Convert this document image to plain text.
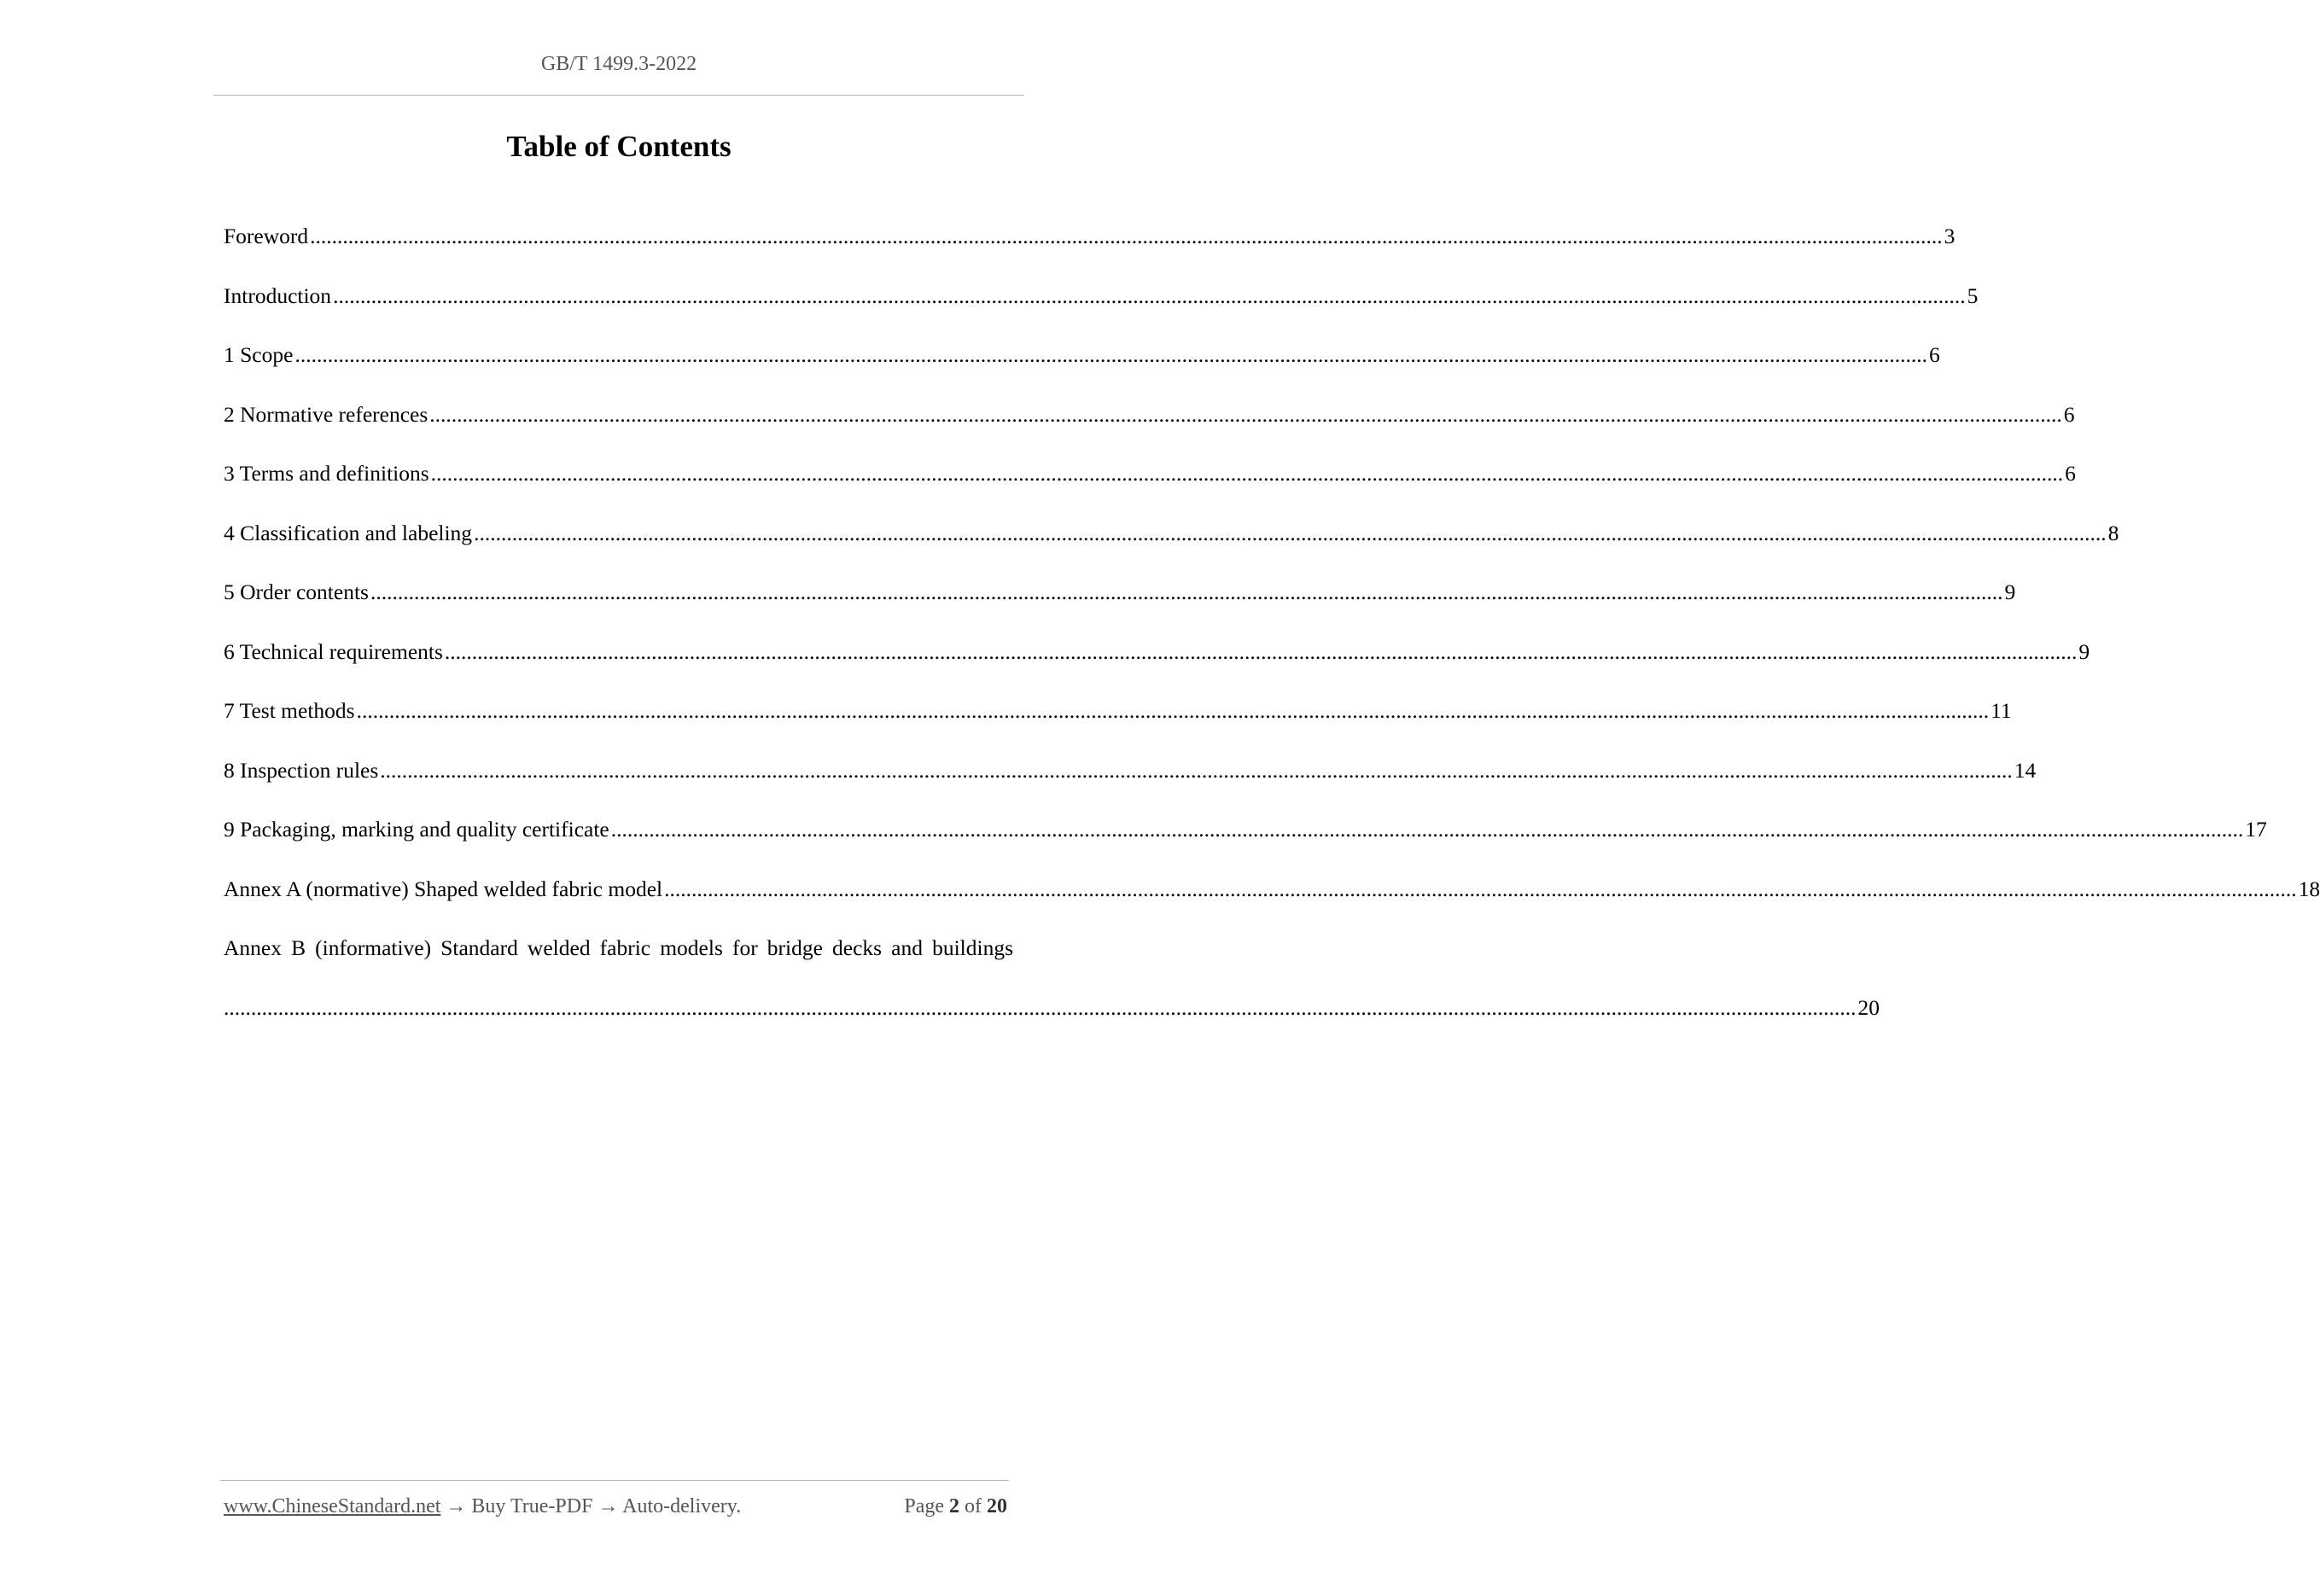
GB/T 1499.3-2022
Table of Contents
Foreword ............................................................................................................................................................................................................................................................................................................ 3
Introduction ............................................................................................................................................................................................................................................................................................................ 5
1 Scope ............................................................................................................................................................................................................................................................................................................ 6
2 Normative references ............................................................................................................................................................................................................................................................................................................ 6
3 Terms and definitions ............................................................................................................................................................................................................................................................................................................ 6
4 Classification and labeling ............................................................................................................................................................................................................................................................................................................ 8
5 Order contents ............................................................................................................................................................................................................................................................................................................ 9
6 Technical requirements ............................................................................................................................................................................................................................................................................................................ 9
7 Test methods ............................................................................................................................................................................................................................................................................................................ 11
8 Inspection rules ............................................................................................................................................................................................................................................................................................................ 14
9 Packaging, marking and quality certificate ............................................................................................................................................................................................................................................................................................................ 17
Annex A (normative) Shaped welded fabric model ............................................................................................................................................................................................................................................................................................................ 18
Annex B (informative) Standard welded fabric models for bridge decks and buildings
............................................................................................................................................................................................................................................................................................................ 20
www.ChineseStandard.net → Buy True-PDF → Auto-delivery.	Page 2 of 20
